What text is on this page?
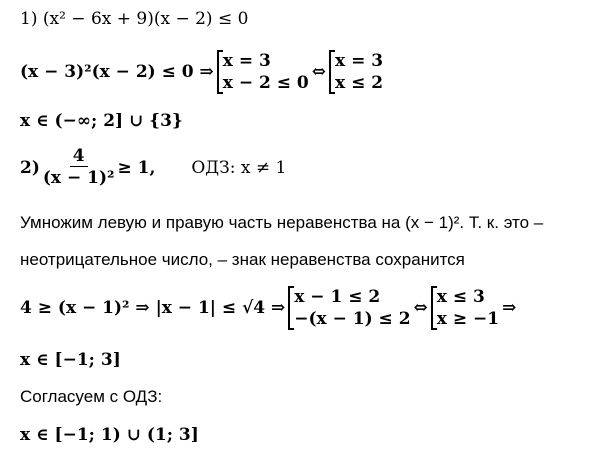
1) (x² − 6x + 9)(x − 2) ≤ 0
(x − 3)²(x − 2) ≤ 0 ⇒
x = 3
x − 2 ≤ 0
⇔
x = 3
x ≤ 2
x ∈ (−∞; 2] ∪ {3}
$2) \frac{4}{\text{(x − 1)²}} \ge 1$, ОДЗ: x ≠ 1
Умножим левую и правую часть неравенства на (x − 1)². Т. к. это –
неотрицательное число, – знак неравенства сохранится
4 ≥ (x − 1)² ⇒ |x − 1| ≤ √4 ⇒
x − 1 ≤ 2
−(x − 1) ≤ 2
⇔
x ≤ 3
x ≥ −1
⇒
x ∈ [−1; 3]
Согласуем с ОДЗ:
x ∈ [−1; 1) ∪ (1; 3]
